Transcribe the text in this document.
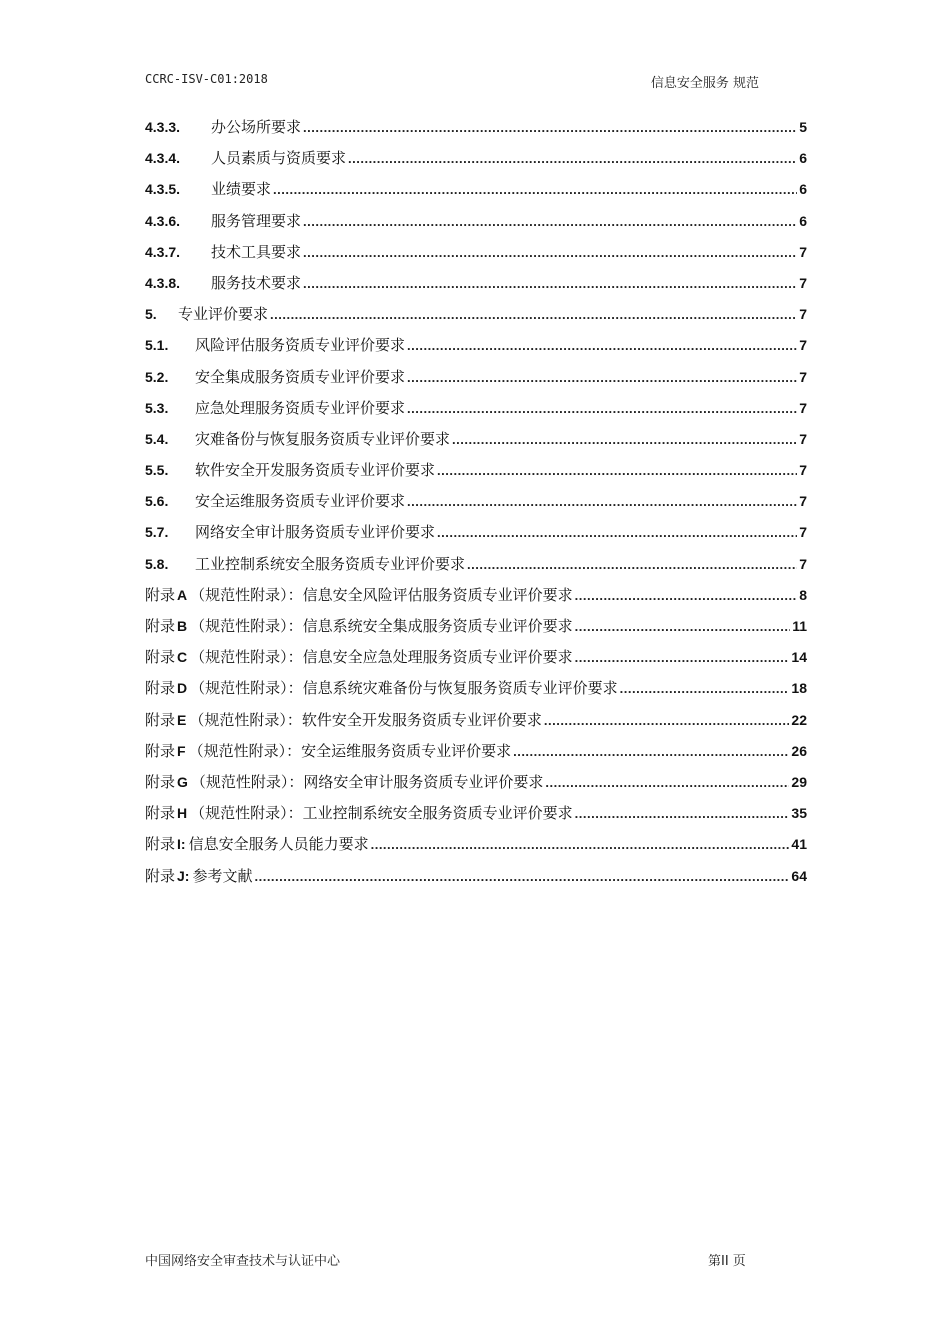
CCRC-ISV-C01:2018	信息安全服务 规范
4.3.3.	办公场所要求 .....	5
4.3.4.	人员素质与资质要求 .....	6
4.3.5.	业绩要求 .....	6
4.3.6.	服务管理要求 .....	6
4.3.7.	技术工具要求 .....	7
4.3.8.	服务技术要求 .....	7
5.	专业评价要求 .....	7
5.1.	风险评估服务资质专业评价要求 .....	7
5.2.	安全集成服务资质专业评价要求 .....	7
5.3.	应急处理服务资质专业评价要求 .....	7
5.4.	灾难备份与恢复服务资质专业评价要求 .....	7
5.5.	软件安全开发服务资质专业评价要求 .....	7
5.6.	安全运维服务资质专业评价要求 .....	7
5.7.	网络安全审计服务资质专业评价要求 .....	7
5.8.	工业控制系统安全服务资质专业评价要求 .....	7
附录 A （规范性附录）：信息安全风险评估服务资质专业评价要求 .....	8
附录 B （规范性附录）：信息系统安全集成服务资质专业评价要求 .....	11
附录 C （规范性附录）：信息安全应急处理服务资质专业评价要求 .....	14
附录 D （规范性附录）：信息系统灾难备份与恢复服务资质专业评价要求 .....	18
附录 E （规范性附录）：软件安全开发服务资质专业评价要求 .....	22
附录 F （规范性附录）：安全运维服务资质专业评价要求 .....	26
附录 G （规范性附录）：网络安全审计服务资质专业评价要求 .....	29
附录 H （规范性附录）：工业控制系统安全服务资质专业评价要求 .....	35
附录 I: 信息安全服务人员能力要求 .....	41
附录 J: 参考文献 .....	64
中国网络安全审查技术与认证中心	第II 页
